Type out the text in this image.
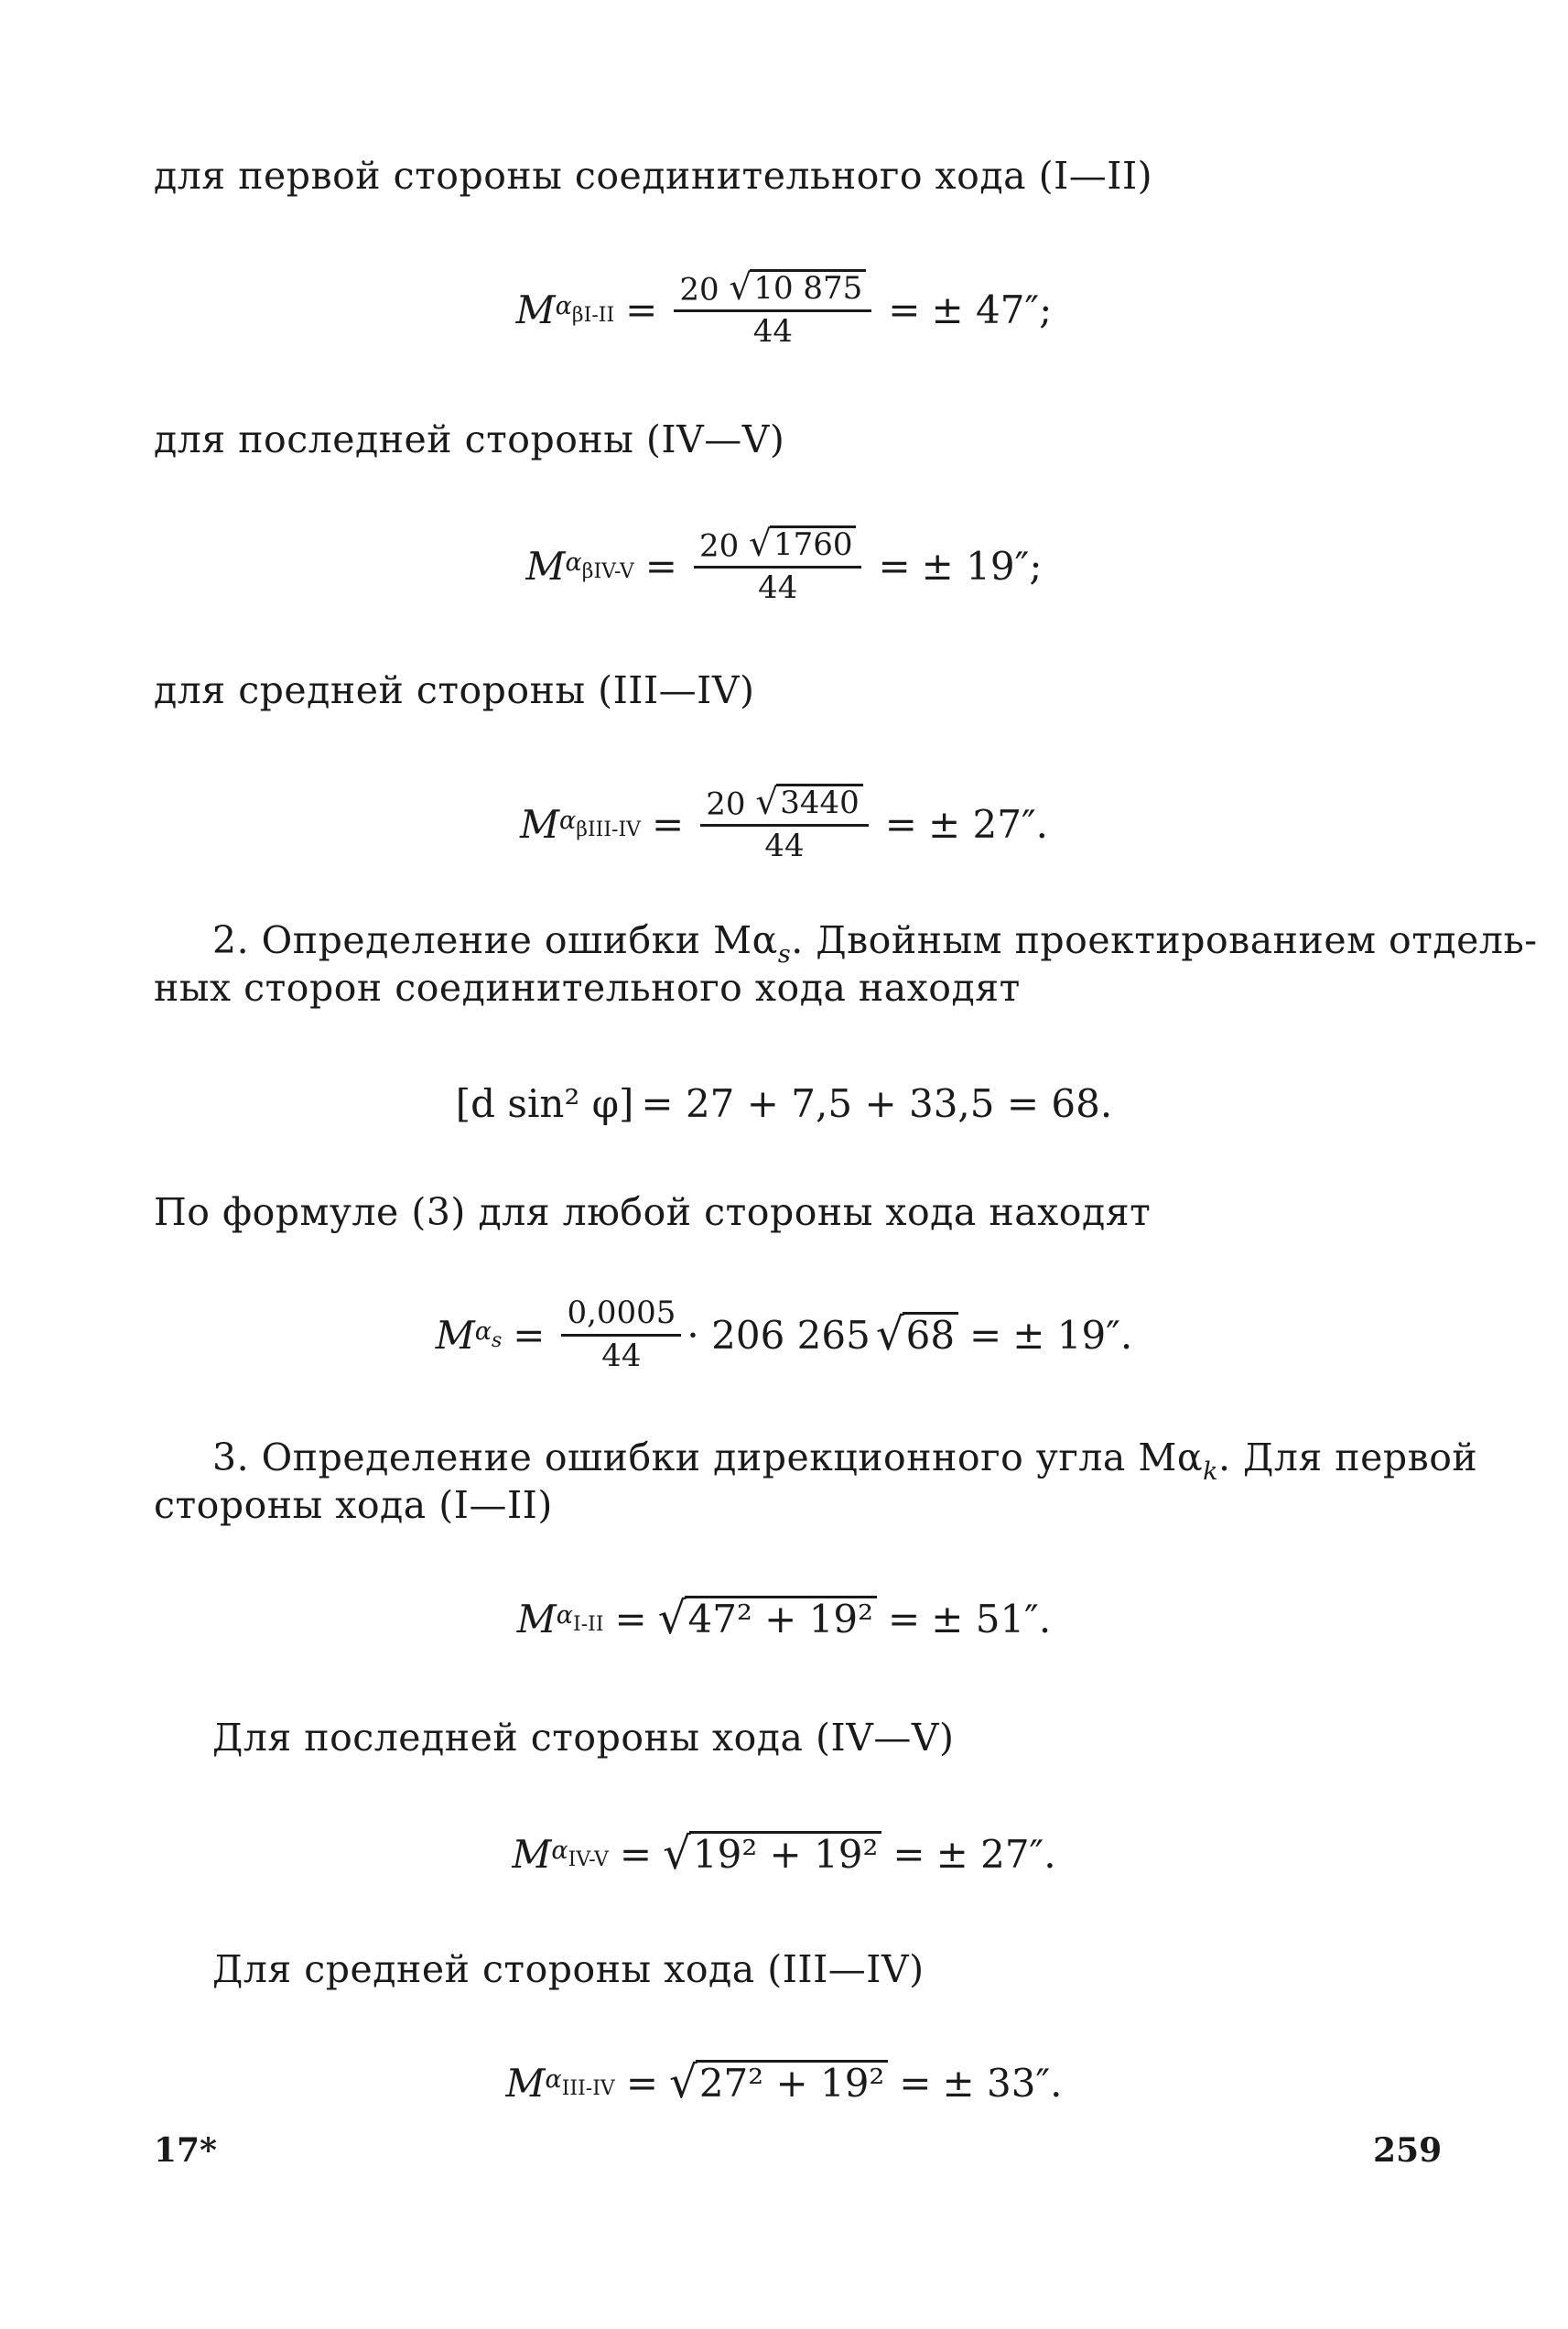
для первой стороны соединительного хода (I—II)
M $\alpha_{\beta I-II} = \frac{20 √ 10 875}{44}$ = ± 47″;
для последней стороны (IV—V)
M $\alpha_{\beta IV-V} = \frac{20 √ 1760}{44}$ = ± 19″;
для средней стороны (III—IV)
M $\alpha_{\beta III-IV} = \frac{20 √ 3440}{44}$ = ± 27″.
2. Определение ошибки $M\alpha_s$. Двойным проектированием отдель-
ных сторон соединительного хода находят
[d sin² φ] = 27 + 7,5 + 33,5 = 68.
По формуле (3) для любой стороны хода находят
M $\alpha_s = \frac{0,0005}{44} \cdot 206$ 265 √ 68 = ± 19″.
3. Определение ошибки дирекционного угла $M\alpha_k$. Для первой
стороны хода (I—II)
M $\alpha_{I-II}$ = √ 47² + 19² = ± 51″.
Для последней стороны хода (IV—V)
M $\alpha_{IV-V}$ = √ 19² + 19² = ± 27″.
Для средней стороны хода (III—IV)
M $\alpha_{III-IV}$ = √ 27² + 19² = ± 33″.
17*	259
